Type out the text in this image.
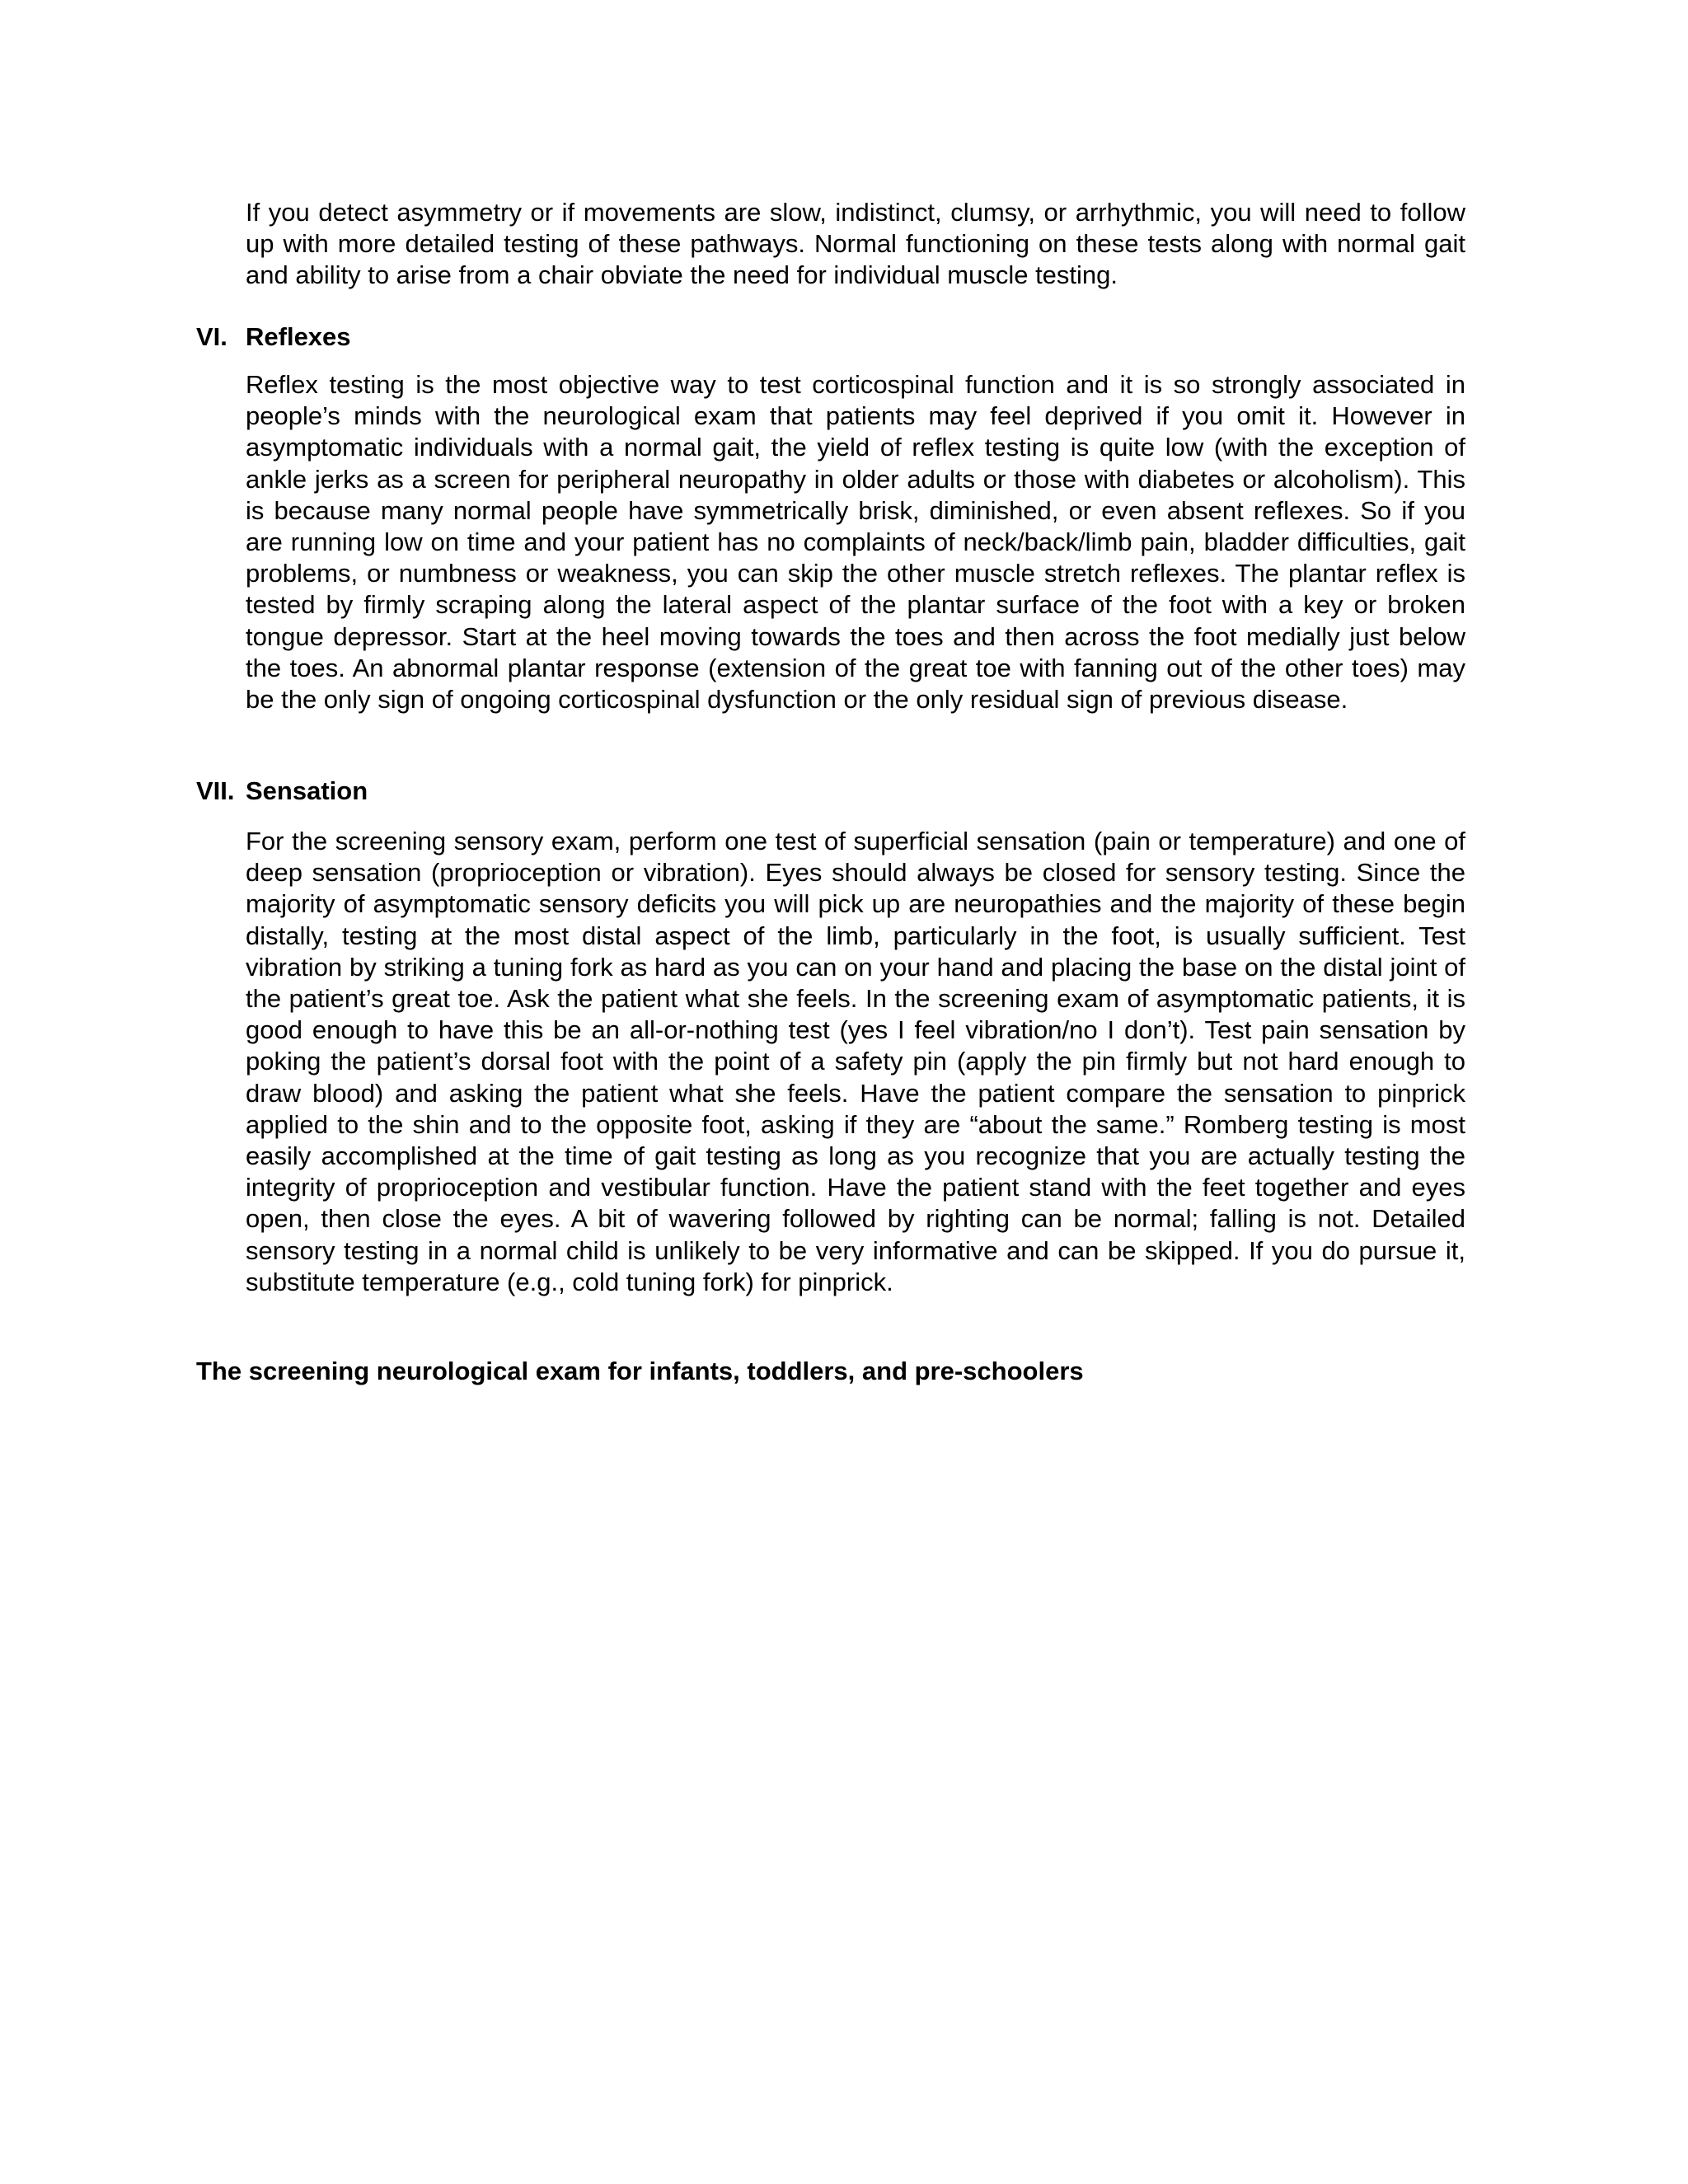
If you detect asymmetry or if movements are slow, indistinct, clumsy, or arrhythmic, you will need to follow up with more detailed testing of these pathways. Normal functioning on these tests along with normal gait and ability to arise from a chair obviate the need for individual muscle testing.

VI. Reflexes

Reflex testing is the most objective way to test corticospinal function and it is so strongly associated in people’s minds with the neurological exam that patients may feel deprived if you omit it. However in asymptomatic individuals with a normal gait, the yield of reflex testing is quite low (with the exception of ankle jerks as a screen for peripheral neuropathy in older adults or those with diabetes or alcoholism). This is because many normal people have symmetrically brisk, diminished, or even absent reflexes. So if you are running low on time and your patient has no complaints of neck/back/limb pain, bladder difficulties, gait problems, or numbness or weakness, you can skip the other muscle stretch reflexes. The plantar reflex is tested by firmly scraping along the lateral aspect of the plantar surface of the foot with a key or broken tongue depressor. Start at the heel moving towards the toes and then across the foot medially just below the toes. An abnormal plantar response (extension of the great toe with fanning out of the other toes) may be the only sign of ongoing corticospinal dysfunction or the only residual sign of previous disease.

VII. Sensation

For the screening sensory exam, perform one test of superficial sensation (pain or temperature) and one of deep sensation (proprioception or vibration). Eyes should always be closed for sensory testing. Since the majority of asymptomatic sensory deficits you will pick up are neuropathies and the majority of these begin distally, testing at the most distal aspect of the limb, particularly in the foot, is usually sufficient. Test vibration by striking a tuning fork as hard as you can on your hand and placing the base on the distal joint of the patient’s great toe. Ask the patient what she feels. In the screening exam of asymptomatic patients, it is good enough to have this be an all-or-nothing test (yes I feel vibration/no I don’t). Test pain sensation by poking the patient’s dorsal foot with the point of a safety pin (apply the pin firmly but not hard enough to draw blood) and asking the patient what she feels. Have the patient compare the sensation to pinprick applied to the shin and to the opposite foot, asking if they are “about the same.” Romberg testing is most easily accomplished at the time of gait testing as long as you recognize that you are actually testing the integrity of proprioception and vestibular function. Have the patient stand with the feet together and eyes open, then close the eyes. A bit of wavering followed by righting can be normal; falling is not. Detailed sensory testing in a normal child is unlikely to be very informative and can be skipped. If you do pursue it, substitute temperature (e.g., cold tuning fork) for pinprick.

The screening neurological exam for infants, toddlers, and pre-schoolers
